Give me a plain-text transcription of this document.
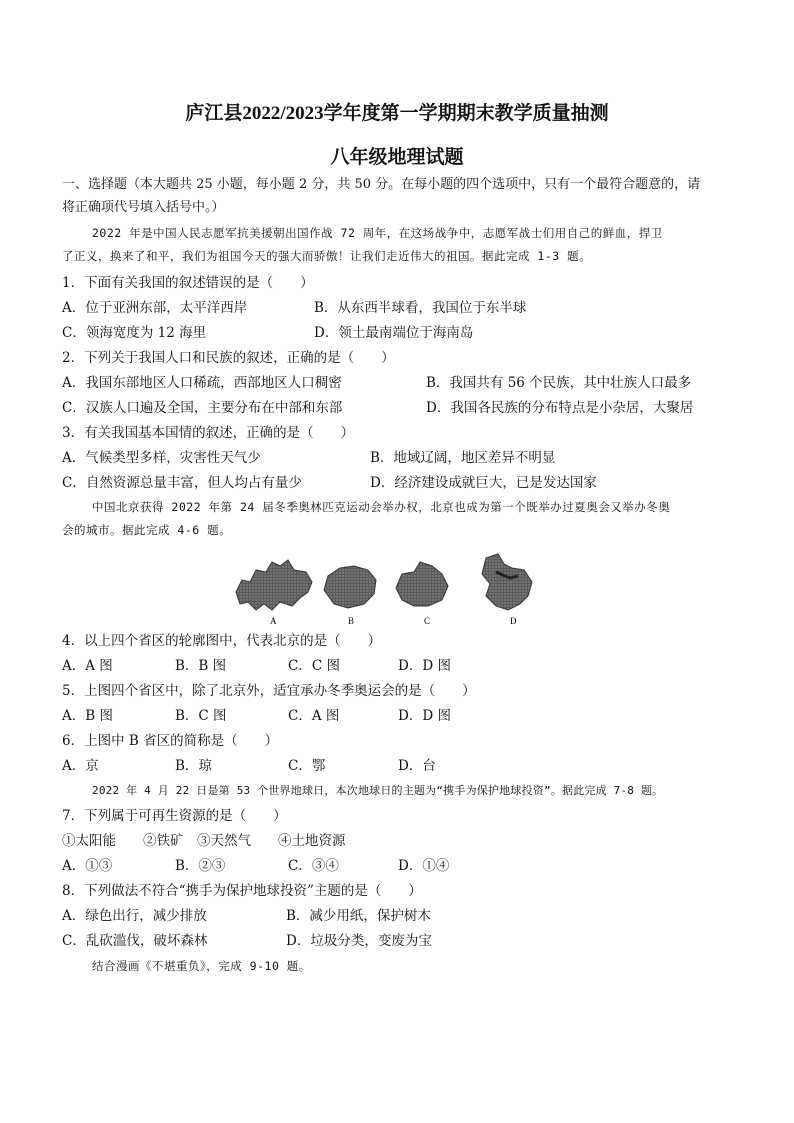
庐江县2022/2023学年度第一学期期末教学质量抽测
八年级地理试题
一、选择题（本大题共 25 小题，每小题 2 分，共 50 分。在每小题的四个选项中，只有一个最符合题意的，请
将正确项代号填入括号中。）
2022 年是中国人民志愿军抗美援朝出国作战 72 周年，在这场战争中，志愿军战士们用自己的鲜血，捍卫
了正义，换来了和平，我们为祖国今天的强大而骄傲！让我们走近伟大的祖国。据此完成 1-3 题。
1．下面有关我国的叙述错误的是（　　）
A．位于亚洲东部，太平洋西岸	B．从东西半球看，我国位于东半球
C．领海宽度为 12 海里	D．领土最南端位于海南岛
2．下列关于我国人口和民族的叙述，正确的是（　　）
A．我国东部地区人口稀疏，西部地区人口稠密	B．我国共有 56 个民族，其中壮族人口最多
C．汉族人口遍及全国，主要分布在中部和东部	D．我国各民族的分布特点是小杂居，大聚居
3．有关我国基本国情的叙述，正确的是（　　）
A．气候类型多样，灾害性天气少	B．地域辽阔，地区差异不明显
C．自然资源总量丰富，但人均占有量少	D．经济建设成就巨大，已是发达国家
中国北京获得 2022 年第 24 届冬季奥林匹克运动会举办权，北京也成为第一个既举办过夏奥会又举办冬奥
会的城市。据此完成 4-6 题。
A	B	C	D
4．以上四个省区的轮廓图中，代表北京的是（　　）
A．A 图	B．B 图	C．C 图	D．D 图
5．上图四个省区中，除了北京外，适宜承办冬季奥运会的是（　　）
A．B 图	B．C 图	C．A 图	D．D 图
6．上图中 B 省区的简称是（　　）
A．京	B．琼	C．鄂	D．台
2022 年 4 月 22 日是第 53 个世界地球日，本次地球日的主题为“携手为保护地球投资”。据此完成 7-8 题。
7．下列属于可再生资源的是（　　）
①太阳能　　②铁矿　③天然气　　④土地资源
A．①③	B．②③	C．③④	D．①④
8．下列做法不符合“携手为保护地球投资”主题的是（　　）
A．绿色出行，减少排放	B．减少用纸，保护树木
C．乱砍滥伐，破坏森林	D．垃圾分类，变废为宝
结合漫画《不堪重负》，完成 9-10 题。
